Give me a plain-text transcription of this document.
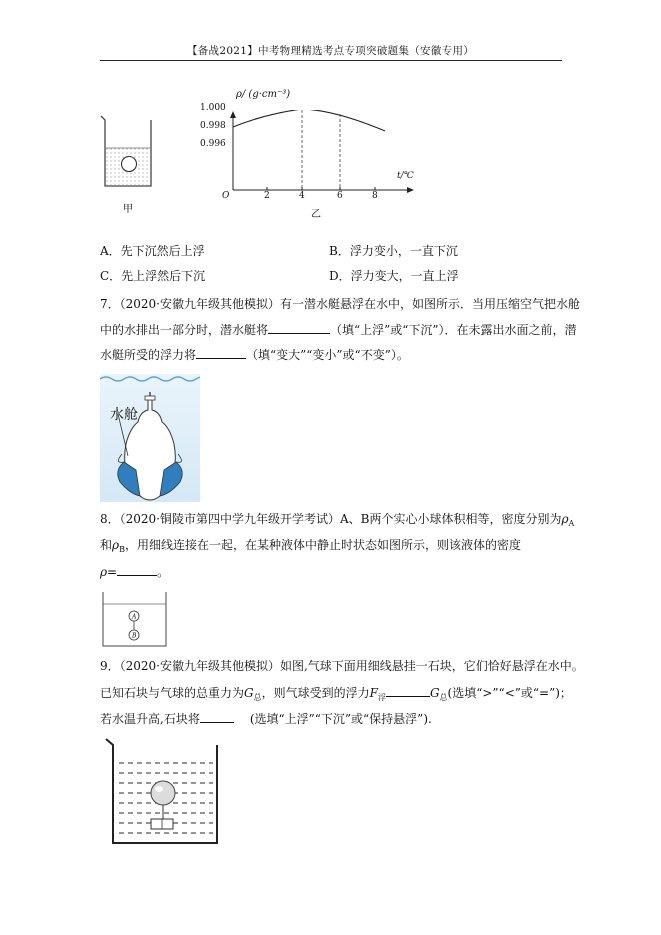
【备战2021】中考物理精选考点专项突破题集（安徽专用）
甲
ρ/ (g·cm⁻³)
1.000
0.998
0.996
t/℃
O	2	4	6	8
乙
A．先下沉然后上浮	B．浮力变小，一直下沉
C．先上浮然后下沉	D．浮力变大，一直上浮
7．（2020·安徽九年级其他模拟）有一潜水艇悬浮在水中，如图所示．当用压缩空气把水舱
中的水排出一部分时，潜水艇将	（填“上浮”或“下沉”）．在未露出水面之前，潜
水艇所受的浮力将	（填“变大”“变小”或“不变”）。
水舱
8．（2020·铜陵市第四中学九年级开学考试）A、B两个实心小球体积相等，密度分别为$\rho_A$
和$\rho_B$，用细线连接在一起，在某种液体中静止时状态如图所示，则该液体的密度
ρ=	。
A
B
9．（2020·安徽九年级其他模拟）如图,气球下面用细线悬挂一石块，它们恰好悬浮在水中。
已知石块与气球的总重力为$G_总$，则气球受到的浮力$F_浮$	$G_总$(选填“>”“<”或“=”)；
若水温升高,石块将	(选填“上浮”“下沉”或“保持悬浮”).
